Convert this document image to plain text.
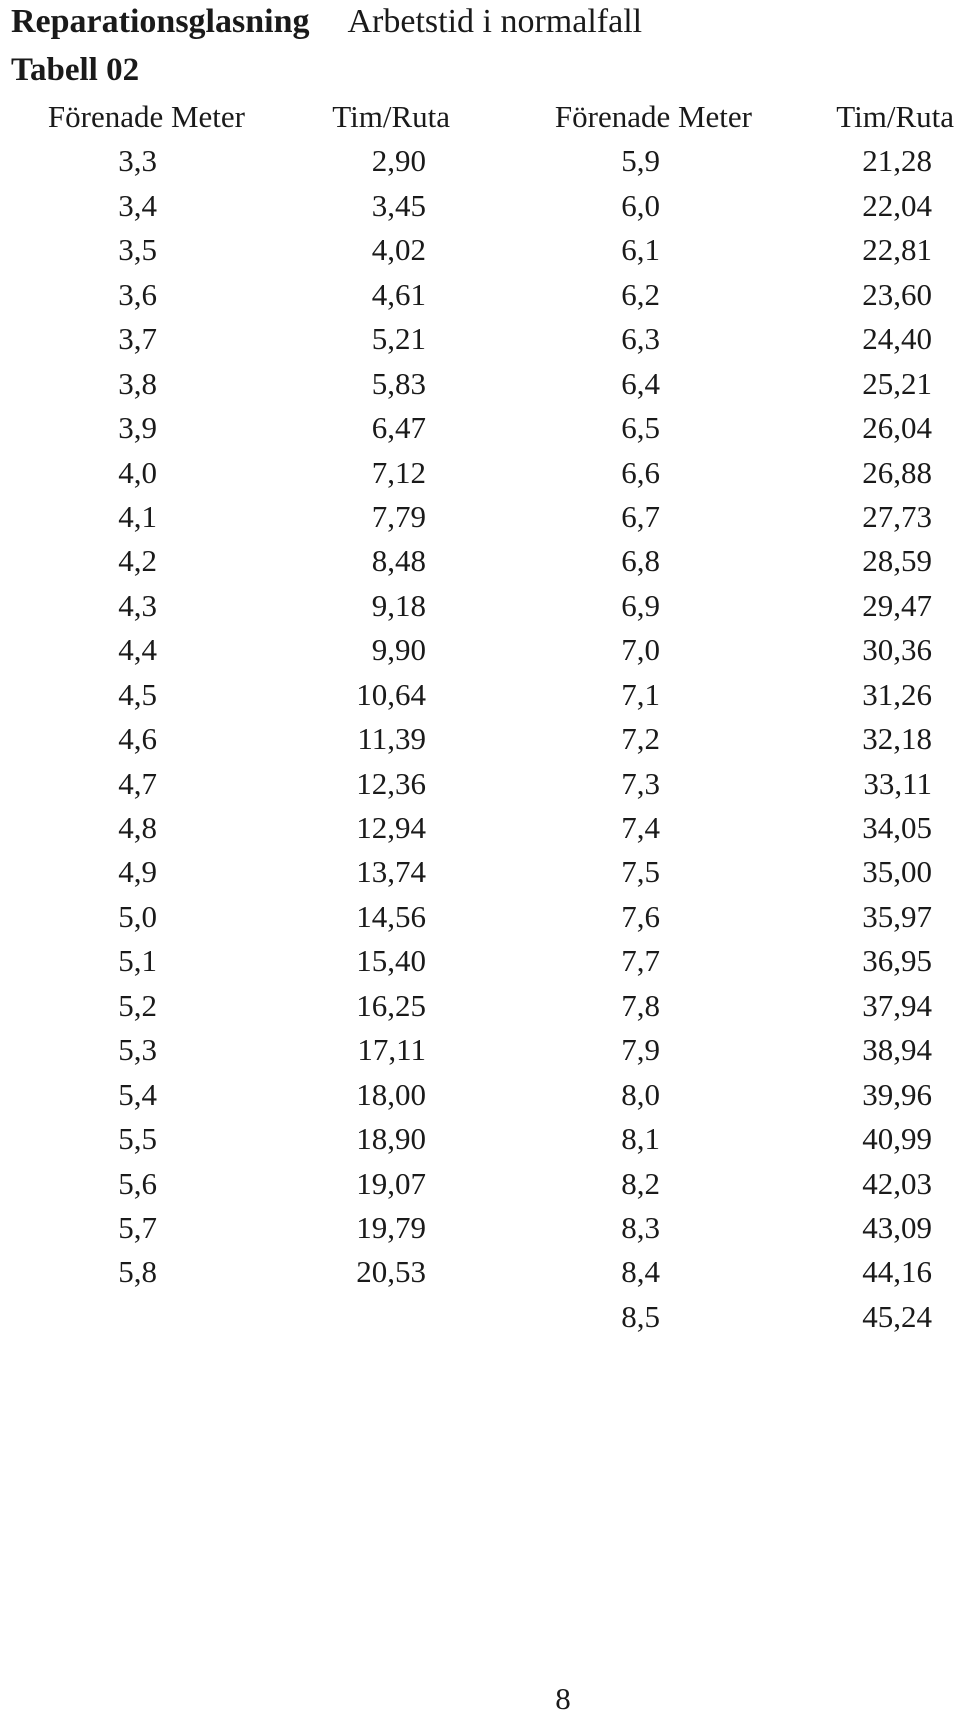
Reparationsglasning Arbetstid i normalfall
Tabell 02
Förenade Meter
3,3
3,4
3,5
3,6
3,7
3,8
3,9
4,0
4,1
4,2
4,3
4,4
4,5
4,6
4,7
4,8
4,9
5,0
5,1
5,2
5,3
5,4
5,5
5,6
5,7
5,8
Tim/Ruta
2,90
3,45
4,02
4,61
5,21
5,83
6,47
7,12
7,79
8,48
9,18
9,90
10,64
11,39
12,36
12,94
13,74
14,56
15,40
16,25
17,11
18,00
18,90
19,07
19,79
20,53
Förenade Meter
5,9
6,0
6,1
6,2
6,3
6,4
6,5
6,6
6,7
6,8
6,9
7,0
7,1
7,2
7,3
7,4
7,5
7,6
7,7
7,8
7,9
8,0
8,1
8,2
8,3
8,4
8,5
Tim/Ruta
21,28
22,04
22,81
23,60
24,40
25,21
26,04
26,88
27,73
28,59
29,47
30,36
31,26
32,18
33,11
34,05
35,00
35,97
36,95
37,94
38,94
39,96
40,99
42,03
43,09
44,16
45,24
8
